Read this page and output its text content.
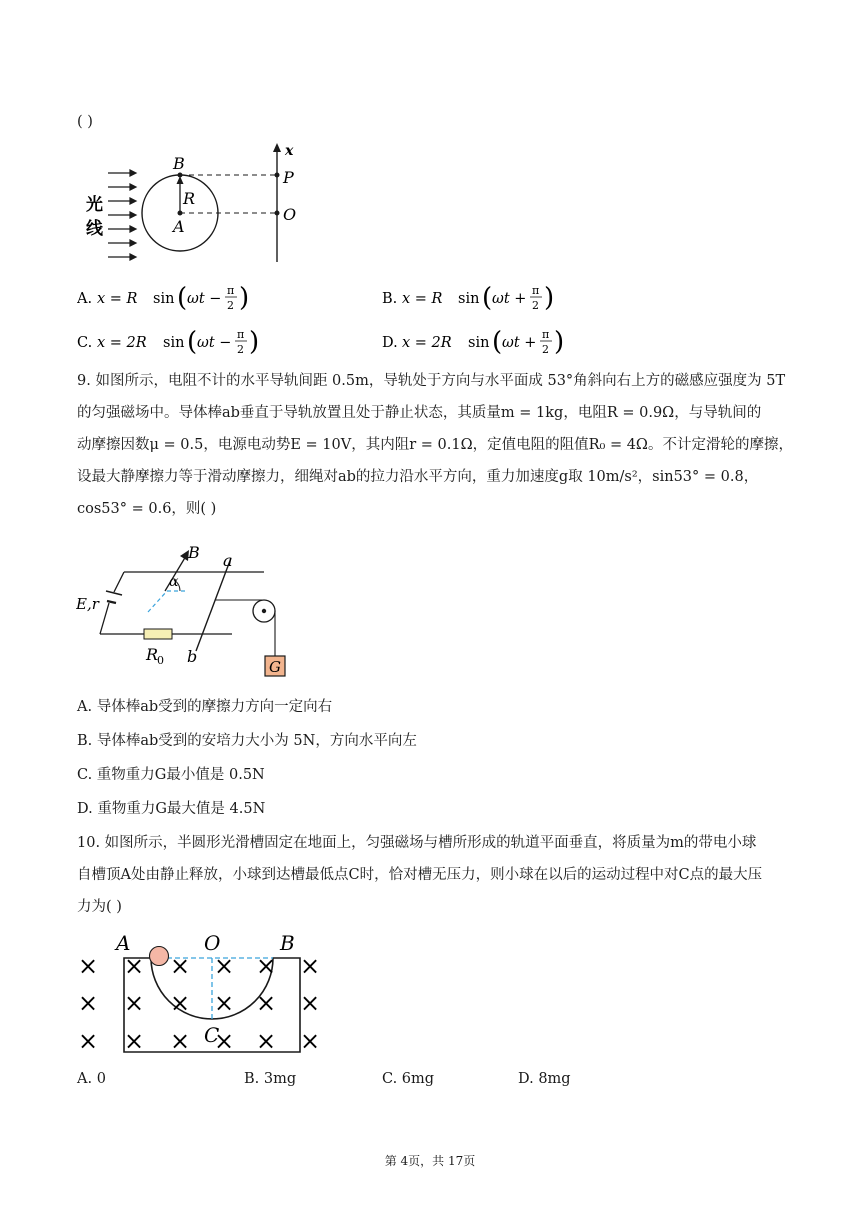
( )
光
线
B
R
A
P
O
x
A. x = R sin ( ωt −
π
2 )	B. x = R sin ( ωt +
π
2 )
C. x = 2R sin ( ωt −
π
2 )	D. x = 2R sin ( ωt +
π
2 )
9. 如图所示，电阻不计的水平导轨间距 0.5m，导轨处于方向与水平面成 53°角斜向右上方的磁感应强度为 5T
的匀强磁场中。导体棒ab垂直于导轨放置且处于静止状态，其质量m = 1kg，电阻R = 0.9Ω，与导轨间的
动摩擦因数μ = 0.5，电源电动势E = 10V，其内阻r = 0.1Ω，定值电阻的阻值R₀ = 4Ω。不计定滑轮的摩擦，
设最大静摩擦力等于滑动摩擦力，细绳对ab的拉力沿水平方向，重力加速度g取 10m/s²，sin53° = 0.8，
cos53° = 0.6，则( )
B a
α
E,r
R
0 b
G
A. 导体棒ab受到的摩擦力方向一定向右
B. 导体棒ab受到的安培力大小为 5N，方向水平向左
C. 重物重力G最小值是 0.5N
D. 重物重力G最大值是 4.5N
10. 如图所示，半圆形光滑槽固定在地面上，匀强磁场与槽所形成的轨道平面垂直，将质量为m的带电小球
自槽顶A处由静止释放，小球到达槽最低点C时，恰对槽无压力，则小球在以后的运动过程中对C点的最大压
力为( )
×
×
×
×
×
×
×
×
×
×
×
×
×
×
×
×
×
×
A	O	B
C
A. 0	B. 3mg	C. 6mg	D. 8mg
第 4页，共 17页
